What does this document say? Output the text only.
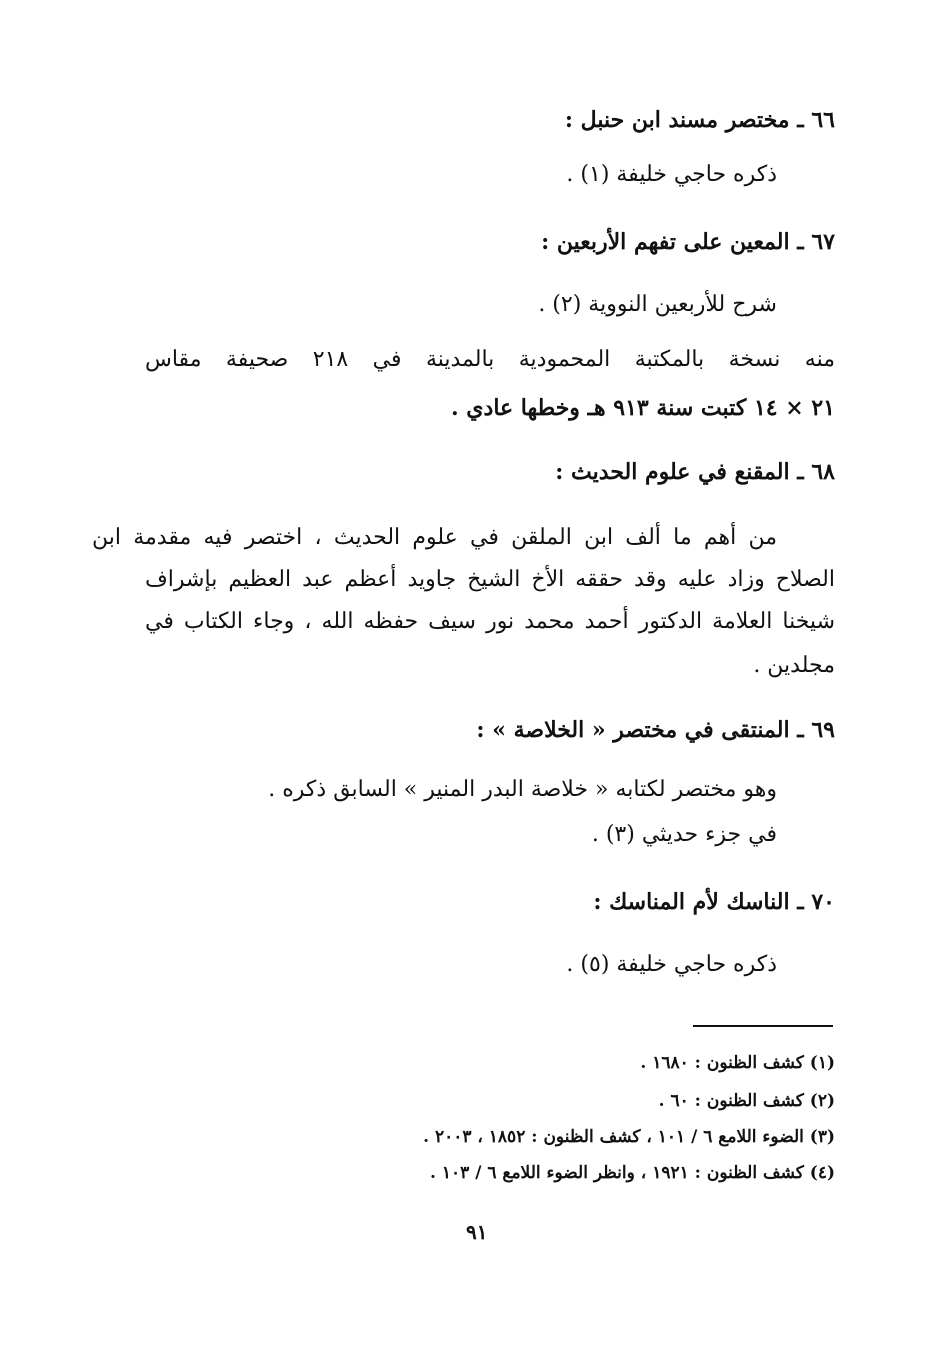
٦٦ ـ مختصر مسند ابن حنبل :

ذكره حاجي خليفة (١) .

٦٧ ـ المعين على تفهم الأربعين :

شرح للأربعين النووية (٢) .

منه نسخة بالمكتبة المحمودية بالمدينة في ٢١٨ صحيفة مقاس

٢١ × ١٤ كتبت سنة ٩١٣ هـ وخطها عادي .

٦٨ ـ المقنع في علوم الحديث :

من أهم ما ألف ابن الملقن في علوم الحديث ، اختصر فيه مقدمة ابن

الصلاح وزاد عليه وقد حققه الأخ الشيخ جاويد أعظم عبد العظيم بإشراف

شيخنا العلامة الدكتور أحمد محمد نور سيف حفظه الله ، وجاء الكتاب في

مجلدين .

٦٩ ـ المنتقى في مختصر « الخلاصة » :

وهو مختصر لكتابه « خلاصة البدر المنير » السابق ذكره .

في جزء حديثي (٣) .

٧٠ ـ الناسك لأم المناسك :

ذكره حاجي خليفة (٥) .

(١) كشف الظنون : ١٦٨٠ .

(٢) كشف الظنون : ٦٠ .

(٣) الضوء اللامع ٦ / ١٠١ ، كشف الظنون : ١٨٥٢ ، ٢٠٠٣ .

(٤) كشف الظنون : ١٩٢١ ، وانظر الضوء اللامع ٦ / ١٠٣ .

٩١
